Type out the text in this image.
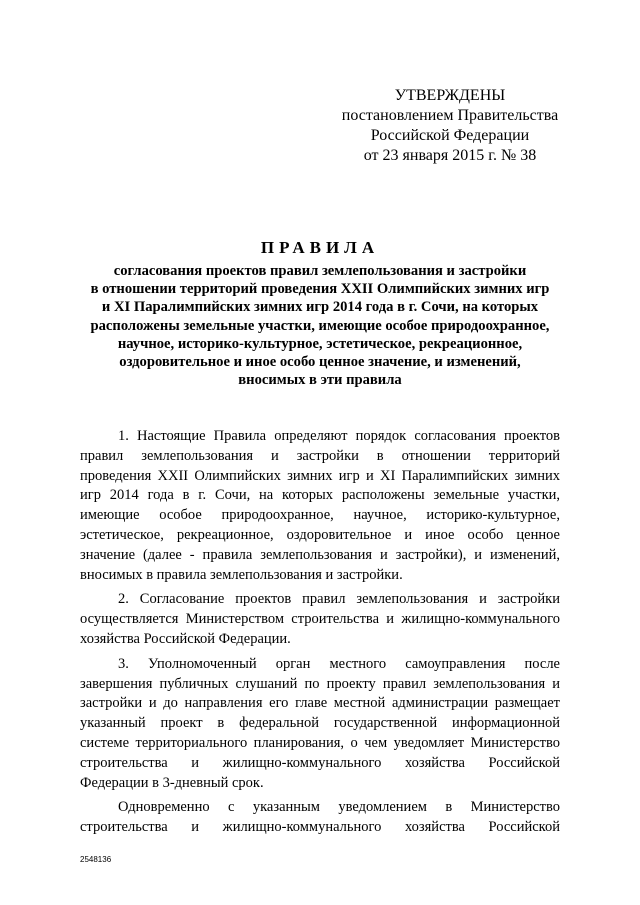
УТВЕРЖДЕНЫ
постановлением Правительства
Российской Федерации
от 23 января 2015 г. № 38
ПРАВИЛА
согласования проектов правил землепользования и застройки
в отношении территорий проведения XXII Олимпийских зимних игр
и XI Паралимпийских зимних игр 2014 года в г. Сочи, на которых
расположены земельные участки, имеющие особое природоохранное,
научное, историко-культурное, эстетическое, рекреационное,
оздоровительное и иное особо ценное значение, и изменений,
вносимых в эти правила
1. Настоящие Правила определяют порядок согласования проектов
правил землепользования и застройки в отношении территорий
проведения XXII Олимпийских зимних игр и XI Паралимпийских зимних
игр 2014 года в г. Сочи, на которых расположены земельные участки,
имеющие особое природоохранное, научное, историко-культурное,
эстетическое, рекреационное, оздоровительное и иное особо ценное
значение (далее - правила землепользования и застройки), и изменений,
вносимых в правила землепользования и застройки.
2. Согласование проектов правил землепользования и застройки
осуществляется Министерством строительства и жилищно-коммунального
хозяйства Российской Федерации.
3. Уполномоченный орган местного самоуправления после
завершения публичных слушаний по проекту правил землепользования и
застройки и до направления его главе местной администрации размещает
указанный проект в федеральной государственной информационной
системе территориального планирования, о чем уведомляет Министерство
строительства и жилищно-коммунального хозяйства Российской
Федерации в 3-дневный срок.
Одновременно с указанным уведомлением в Министерство
строительства и жилищно-коммунального хозяйства Российской
2548136
